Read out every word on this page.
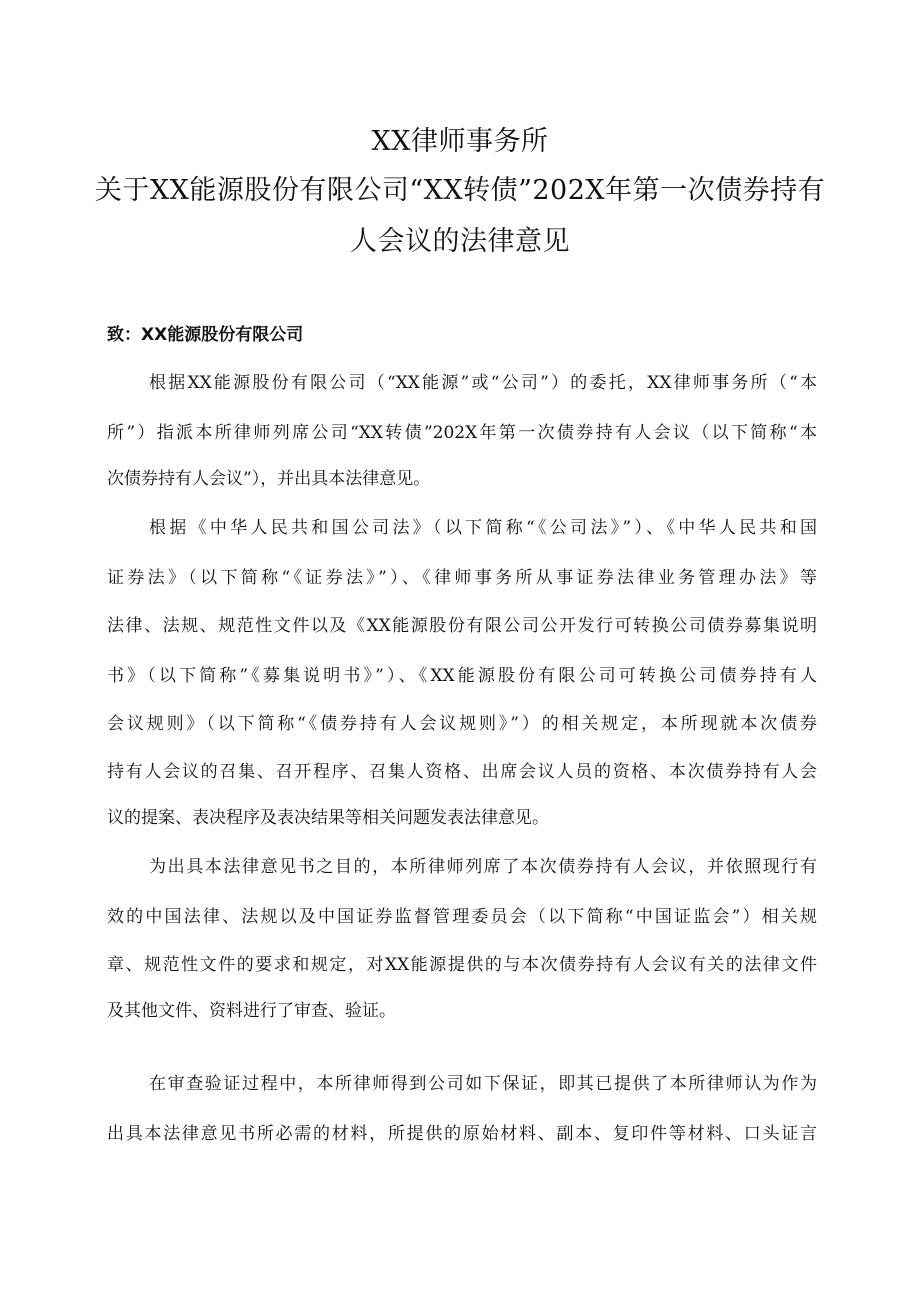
XX律师事务所
关于XX能源股份有限公司“XX转债”202X年第一次债券持有
人会议的法律意见
致：XX能源股份有限公司
根据XX能源股份有限公司（“XX能源”或“公司”）的委托，XX律师事务所（“本
所”）指派本所律师列席公司“XX转债”202X年第一次债券持有人会议（以下简称“本
次债券持有人会议”），并出具本法律意见。
根据《中华人民共和国公司法》（以下简称“《公司法》”）、《中华人民共和国
证券法》（以下简称“《证券法》”）、《律师事务所从事证券法律业务管理办法》等
法律、法规、规范性文件以及《XX能源股份有限公司公开发行可转换公司债券募集说明
书》（以下简称”《募集说明书》”）、《XX能源股份有限公司可转换公司债券持有人
会议规则》（以下简称“《债券持有人会议规则》”）的相关规定，本所现就本次债券
持有人会议的召集、召开程序、召集人资格、出席会议人员的资格、本次债券持有人会
议的提案、表决程序及表决结果等相关问题发表法律意见。
为出具本法律意见书之目的，本所律师列席了本次债券持有人会议，并依照现行有
效的中国法律、法规以及中国证券监督管理委员会（以下简称“中国证监会”）相关规
章、规范性文件的要求和规定，对XX能源提供的与本次债券持有人会议有关的法律文件
及其他文件、资料进行了审查、验证。
在审查验证过程中，本所律师得到公司如下保证，即其已提供了本所律师认为作为
出具本法律意见书所必需的材料，所提供的原始材料、副本、复印件等材料、口头证言
